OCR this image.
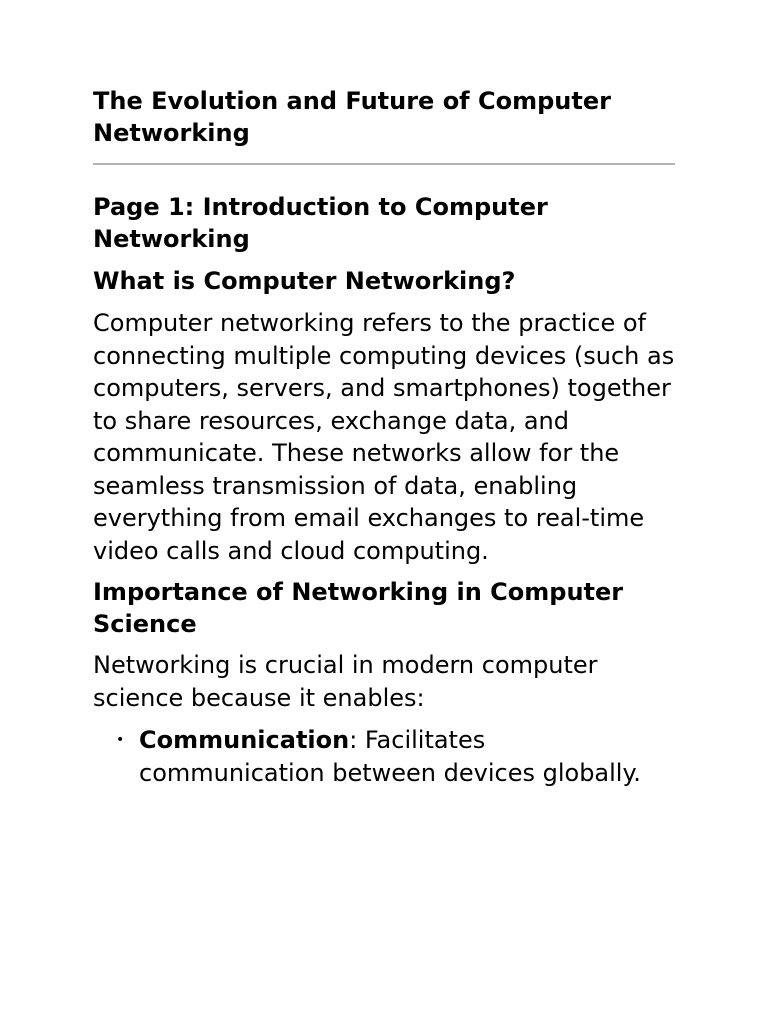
The Evolution and Future of Computer Networking
Page 1: Introduction to Computer Networking
What is Computer Networking?

Computer networking refers to the practice of connecting multiple computing devices (such as computers, servers, and smartphones) together to share resources, exchange data, and communicate. These networks allow for the seamless transmission of data, enabling everything from email exchanges to real-time video calls and cloud computing.

Importance of Networking in Computer Science

Networking is crucial in modern computer science because it enables:

• Communication: Facilitates communication between devices globally.
